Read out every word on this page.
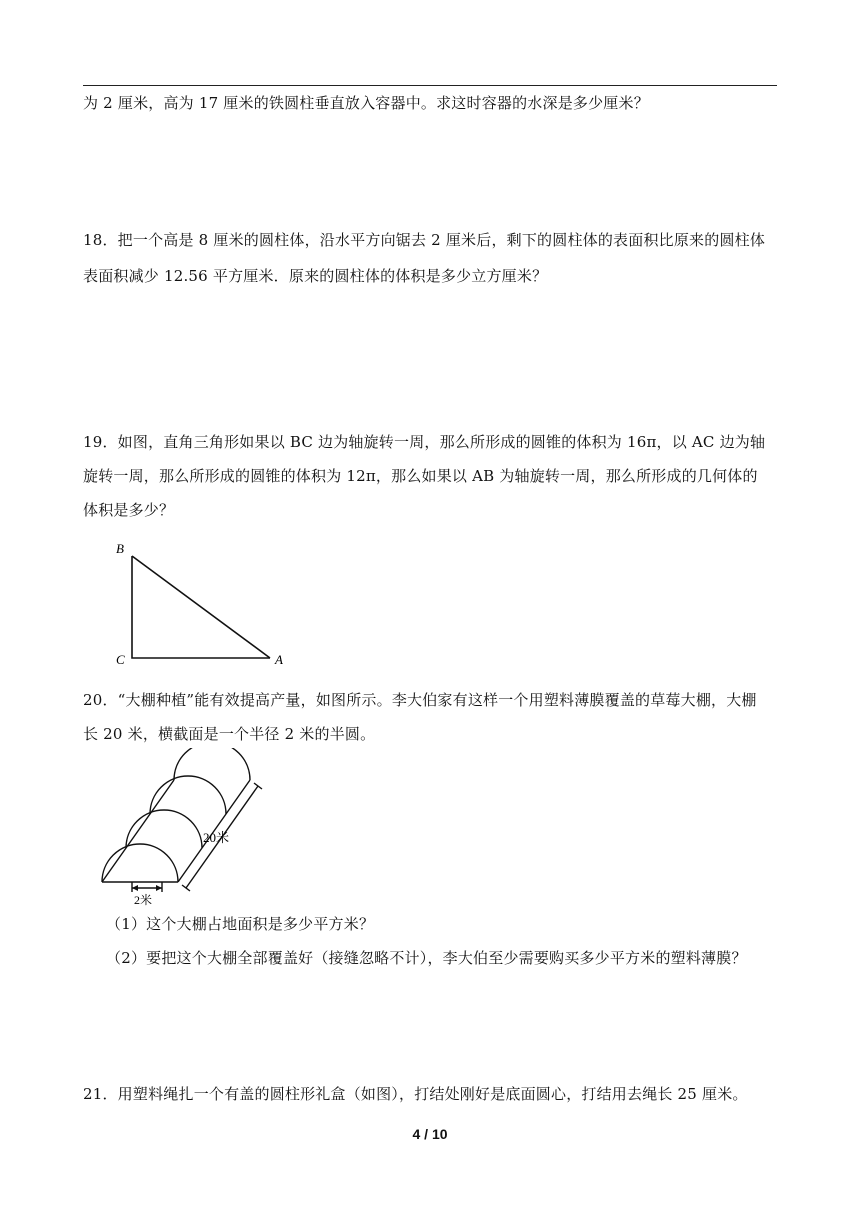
为 2 厘米，高为 17 厘米的铁圆柱垂直放入容器中。求这时容器的水深是多少厘米？
18．把一个高是 8 厘米的圆柱体，沿水平方向锯去 2 厘米后，剩下的圆柱体的表面积比原来的圆柱体
表面积减少 12.56 平方厘米．原来的圆柱体的体积是多少立方厘米？
19．如图，直角三角形如果以 BC 边为轴旋转一周，那么所形成的圆锥的体积为 16π，以 AC 边为轴
旋转一周，那么所形成的圆锥的体积为 12π，那么如果以 AB 为轴旋转一周，那么所形成的几何体的
体积是多少？
B
C	A
20．“大棚种植”能有效提高产量，如图所示。李大伯家有这样一个用塑料薄膜覆盖的草莓大棚，大棚
长 20 米，横截面是一个半径 2 米的半圆。
20米
2米
（1）这个大棚占地面积是多少平方米？
（2）要把这个大棚全部覆盖好（接缝忽略不计），李大伯至少需要购买多少平方米的塑料薄膜？
21．用塑料绳扎一个有盖的圆柱形礼盒（如图），打结处刚好是底面圆心，打结用去绳长 25 厘米。
4 / 10
